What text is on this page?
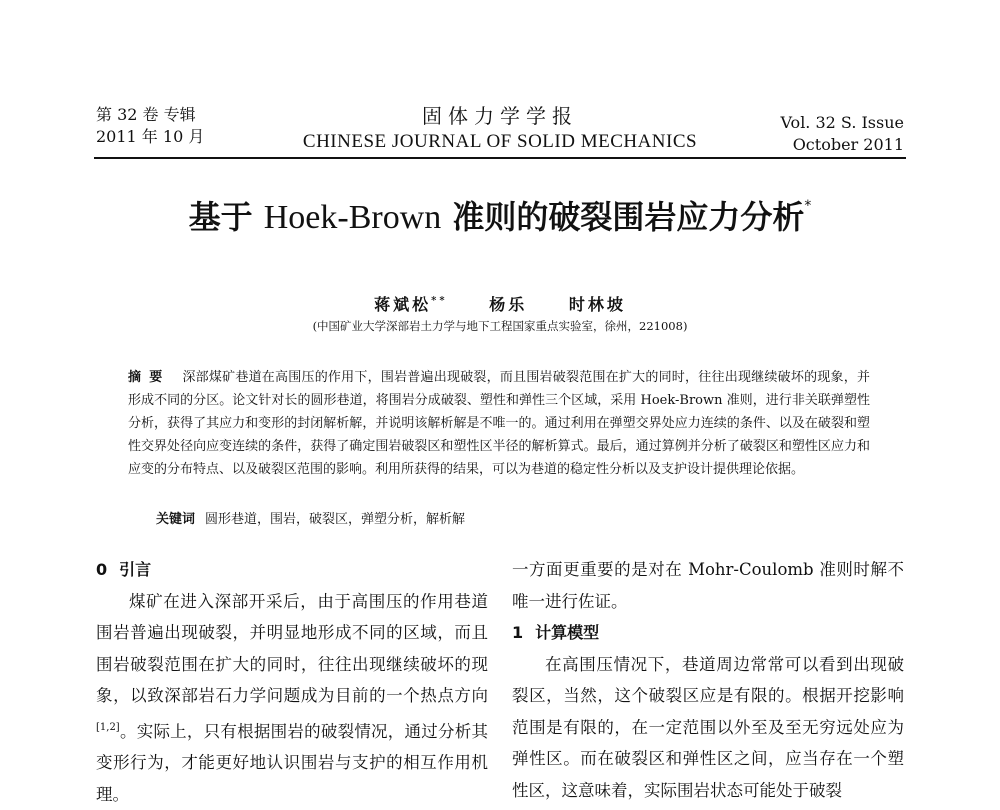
第 32 卷 专辑
2011 年 10 月
固体力学学报
CHINESE JOURNAL OF SOLID MECHANICS
Vol. 32 S. Issue
October 2011
基于 Hoek-Brown 准则的破裂围岩应力分析*
蒋斌松**	杨乐	时林坡
(中国矿业大学深部岩土力学与地下工程国家重点实验室，徐州，221008)
摘要 深部煤矿巷道在高围压的作用下，围岩普遍出现破裂，而且围岩破裂范围在扩大的同时，往往出现继续破坏的现象，并形成不同的分区。论文针对长的圆形巷道，将围岩分成破裂、塑性和弹性三个区域，采用 Hoek-Brown 准则，进行非关联弹塑性分析，获得了其应力和变形的封闭解析解，并说明该解析解是不唯一的。通过利用在弹塑交界处应力连续的条件、以及在破裂和塑性交界处径向应变连续的条件，获得了确定围岩破裂区和塑性区半径的解析算式。最后，通过算例并分析了破裂区和塑性区应力和应变的分布特点、以及破裂区范围的影响。利用所获得的结果，可以为巷道的稳定性分析以及支护设计提供理论依据。
关键词 圆形巷道，围岩，破裂区，弹塑分析，解析解

0 引言

煤矿在进入深部开采后，由于高围压的作用巷道围岩普遍出现破裂，并明显地形成不同的区域，而且围岩破裂范围在扩大的同时，往往出现继续破坏的现象，以致深部岩石力学问题成为目前的一个热点方向[1,2]。实际上，只有根据围岩的破裂情况，通过分析其变形行为，才能更好地认识围岩与支护的相互作用机理。

一方面更重要的是对在 Mohr-Coulomb 准则时解不唯一进行佐证。

1 计算模型

在高围压情况下，巷道周边常常可以看到出现破裂区，当然，这个破裂区应是有限的。根据开挖影响范围是有限的，在一定范围以外至及至无穷远处应为弹性区。而在破裂区和弹性区之间，应当存在一个塑性区，这意味着，实际围岩状态可能处于破裂
